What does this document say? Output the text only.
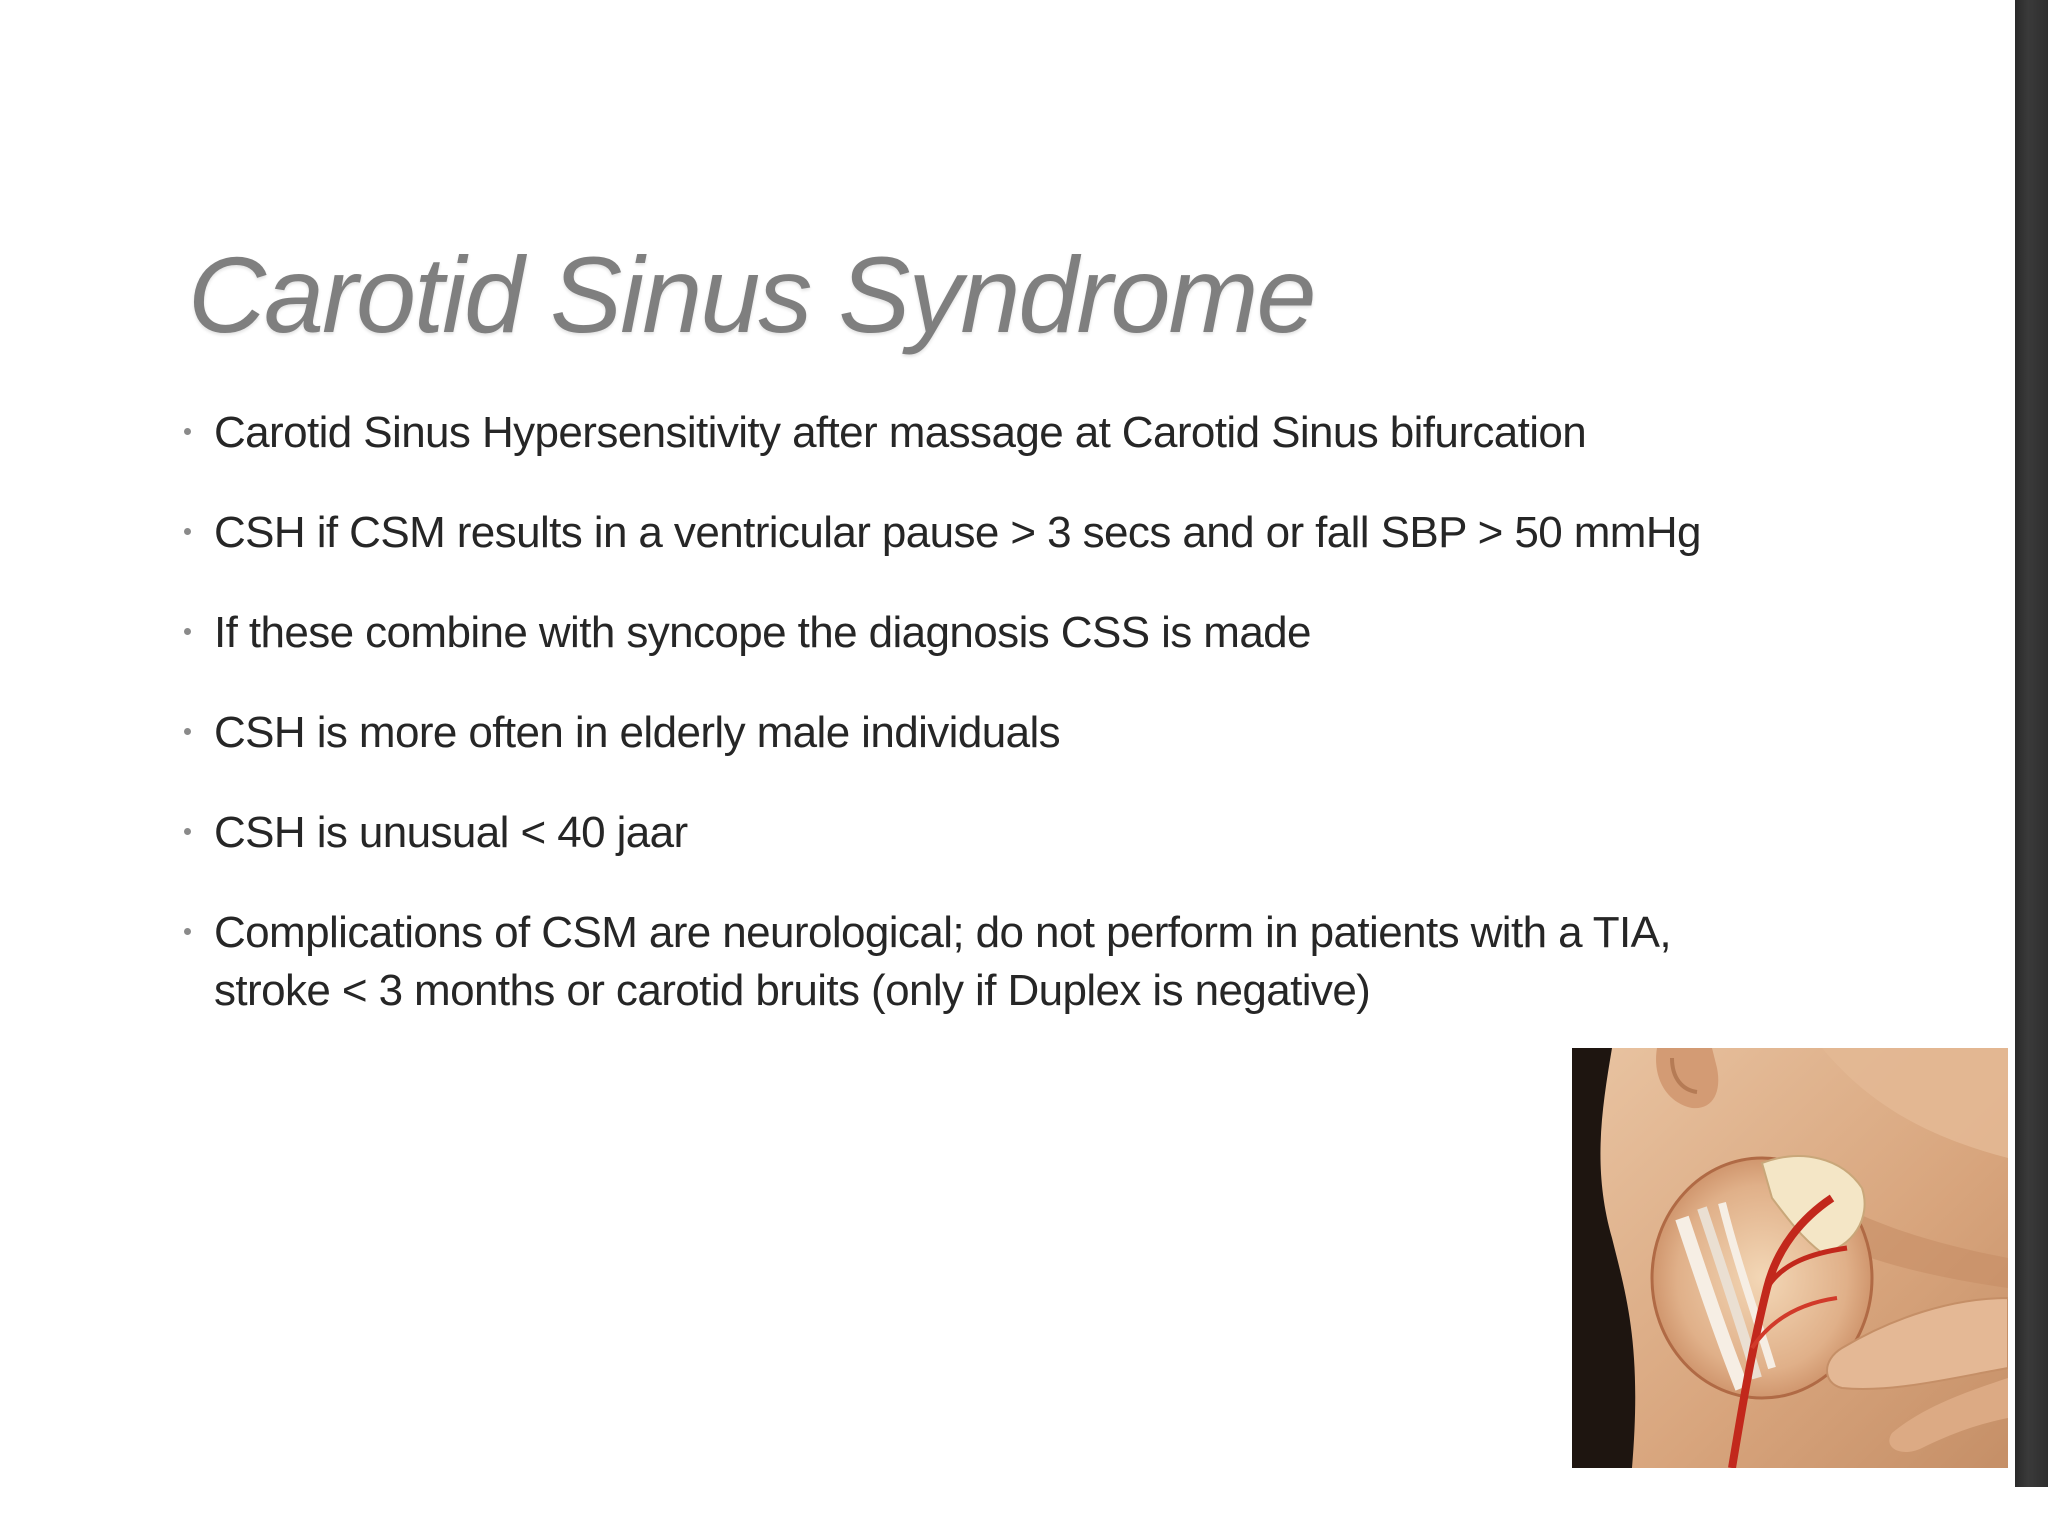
Carotid Sinus Syndrome
Carotid Sinus Hypersensitivity after massage at Carotid Sinus bifurcation
CSH if CSM results in a ventricular pause > 3 secs and or fall SBP > 50 mmHg
If these combine with syncope the diagnosis CSS is made
CSH is more often in elderly male individuals
CSH is unusual < 40 jaar
Complications of CSM are neurological; do not perform in patients with a TIA, stroke < 3 months or carotid bruits (only if Duplex is negative)
